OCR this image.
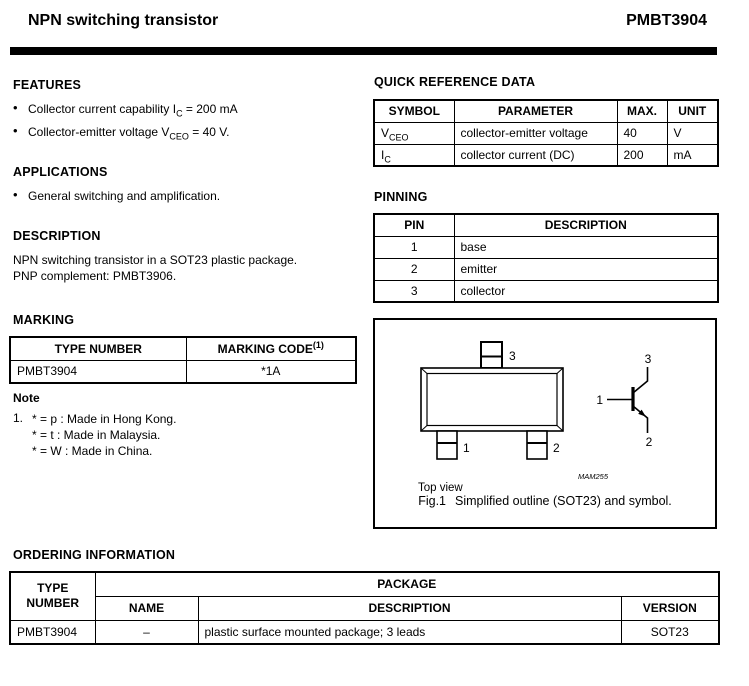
NPN switching transistor	PMBT3904
FEATURES
• Collector current capability $I_C = 200$ mA
• Collector-emitter voltage $V_{CEO} = 40$ V.
APPLICATIONS
• General switching and amplification.
DESCRIPTION
NPN switching transistor in a SOT23 plastic package.
PNP complement: PMBT3906.
MARKING
TYPE NUMBER	MARKING CODE$^{(1)}$
PMBT3904	*1A
Note
1. * = p : Made in Hong Kong.
* = t : Made in Malaysia.
* = W : Made in China.
QUICK REFERENCE DATA
SYMBOL	PARAMETER	MAX.	UNIT
$V_{CEO}$	collector-emitter voltage	40	V
$I_C$	collector current (DC)	200	mA
PINNING
PIN	DESCRIPTION
1	base
2	emitter
3	collector
3
1	2
Top view
MAM255
1
3
2
Fig.1 Simplified outline (SOT23) and symbol.
ORDERING INFORMATION
TYPE NUMBER	PACKAGE		
	NAME	DESCRIPTION	VERSION
PMBT3904	–	plastic surface mounted package; 3 leads	SOT23
